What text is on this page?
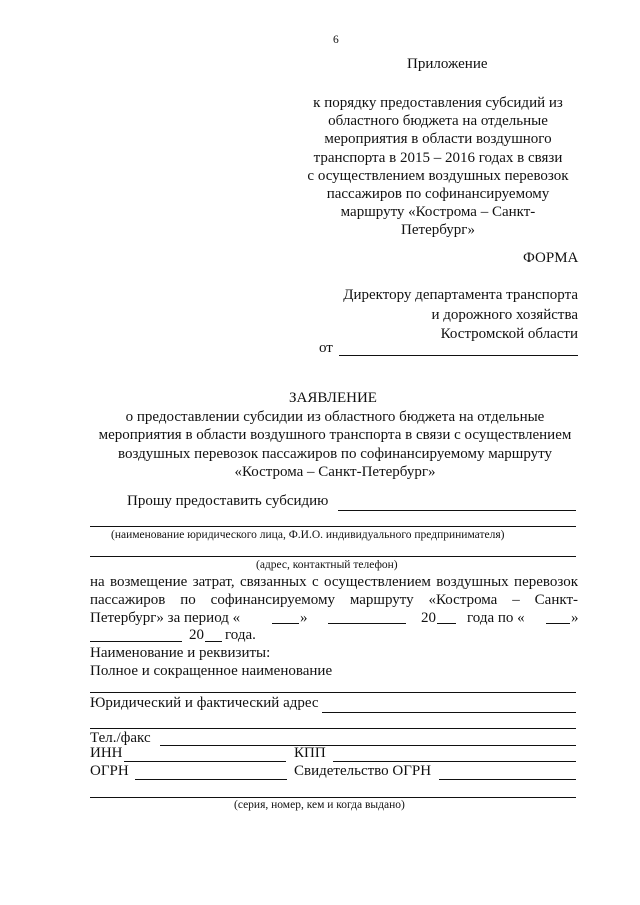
6
Приложение
к порядку предоставления субсидий из
областного бюджета на отдельные
мероприятия в области воздушного
транспорта в 2015 – 2016 годах в связи
с осуществлением воздушных перевозок
пассажиров по софинансируемому
маршруту «Кострома – Санкт-
Петербург»
ФОРМА
Директору департамента транспорта
и дорожного хозяйства
Костромской области
от
ЗАЯВЛЕНИЕ
о предоставлении субсидии из областного бюджета на отдельные
мероприятия в области воздушного транспорта в связи с осуществлением
воздушных перевозок пассажиров по софинансируемому маршруту
«Кострома – Санкт-Петербург»
Прошу предоставить субсидию
(наименование юридического лица, Ф.И.О. индивидуального предпринимателя)
(адрес, контактный телефон)
на возмещение затрат, связанных с осуществлением воздушных перевозок
пассажиров по софинансируемому маршруту «Кострома – Санкт-
Петербург» за период «	»	20 года по «	»
20 года.
Наименование и реквизиты:
Полное и сокращенное наименование
Юридический и фактический адрес
Тел./факс
ИНН	КПП
ОГРН	Свидетельство ОГРН
(серия, номер, кем и когда выдано)
